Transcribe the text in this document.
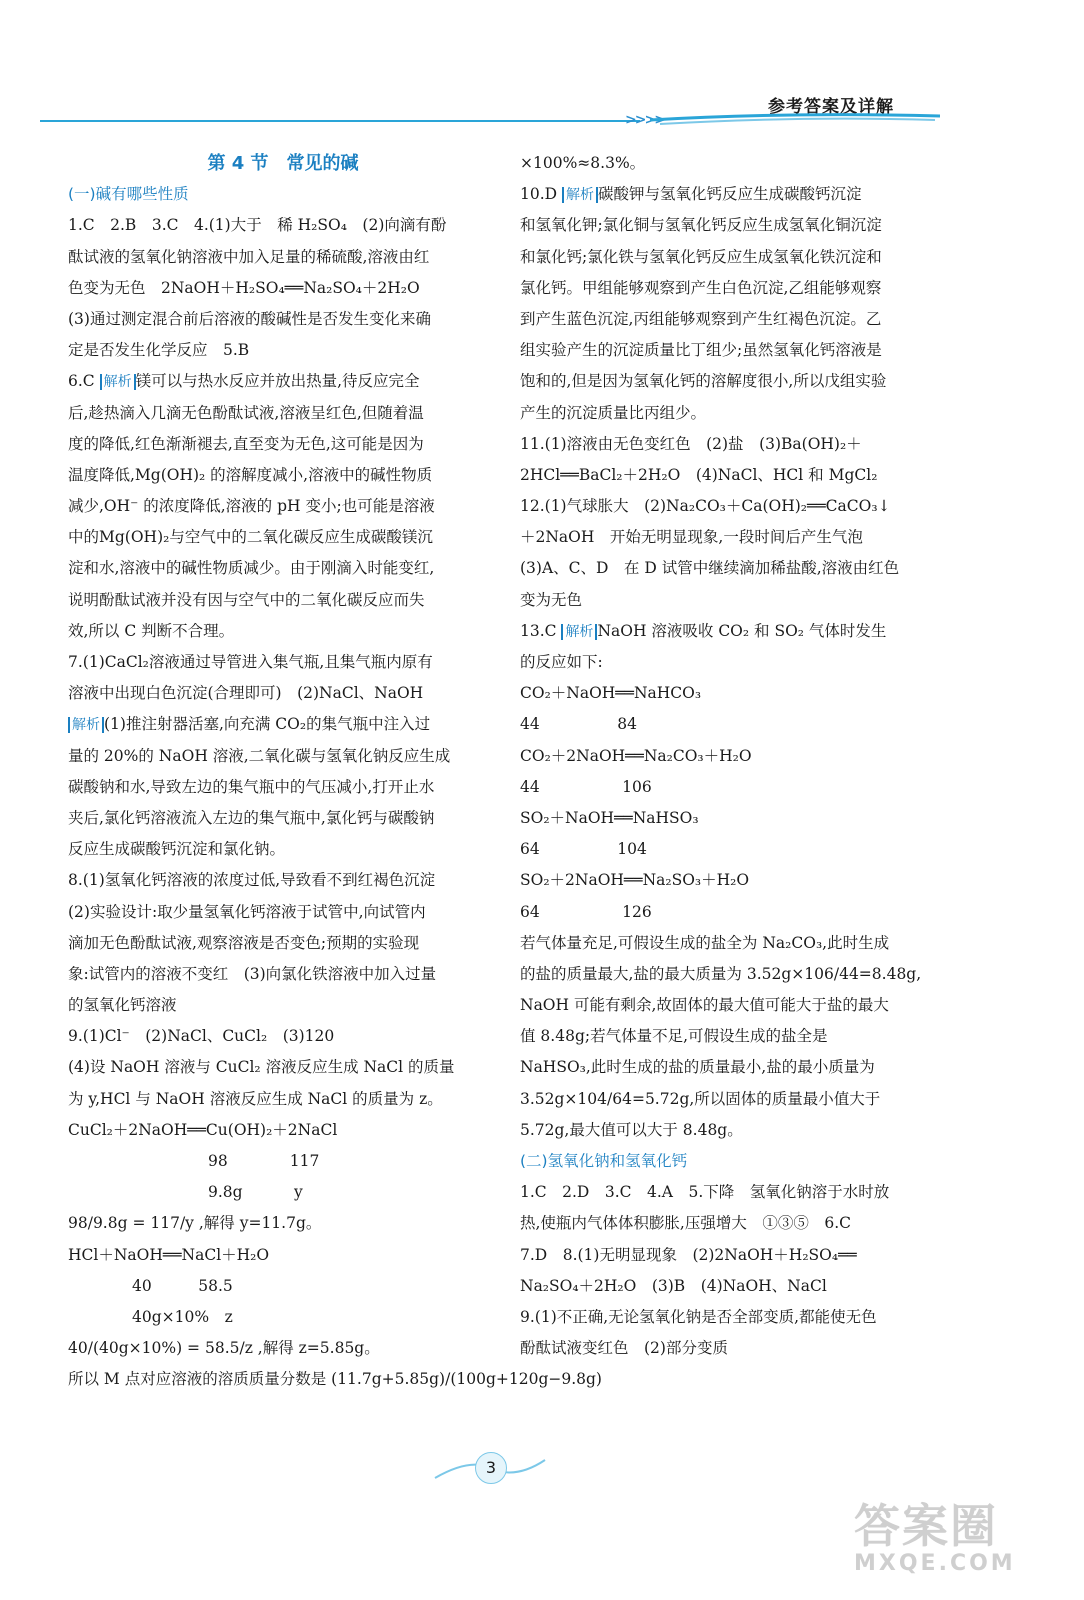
参考答案及详解
>>>>
第 4 节　常见的碱
(一)碱有哪些性质
1.C　2.B　3.C　4.(1)大于　稀 H₂SO₄　(2)向滴有酚
酞试液的氢氧化钠溶液中加入足量的稀硫酸,溶液由红
色变为无色　2NaOH＋H₂SO₄══Na₂SO₄＋2H₂O
(3)通过测定混合前后溶液的酸碱性是否发生变化来确
定是否发生化学反应　5.B
6.C 解析 镁可以与热水反应并放出热量,待反应完全
后,趁热滴入几滴无色酚酞试液,溶液呈红色,但随着温
度的降低,红色渐渐褪去,直至变为无色,这可能是因为
温度降低,Mg(OH)₂ 的溶解度减小,溶液中的碱性物质
减少,OH⁻ 的浓度降低,溶液的 pH 变小;也可能是溶液
中的Mg(OH)₂与空气中的二氧化碳反应生成碳酸镁沉
淀和水,溶液中的碱性物质减少。由于刚滴入时能变红,
说明酚酞试液并没有因与空气中的二氧化碳反应而失
效,所以 C 判断不合理。
7.(1)CaCl₂溶液通过导管进入集气瓶,且集气瓶内原有
溶液中出现白色沉淀(合理即可)　(2)NaCl、NaOH
解析 (1)推注射器活塞,向充满 CO₂的集气瓶中注入过
量的 20%的 NaOH 溶液,二氧化碳与氢氧化钠反应生成
碳酸钠和水,导致左边的集气瓶中的气压减小,打开止水
夹后,氯化钙溶液流入左边的集气瓶中,氯化钙与碳酸钠
反应生成碳酸钙沉淀和氯化钠。
8.(1)氢氧化钙溶液的浓度过低,导致看不到红褐色沉淀
(2)实验设计:取少量氢氧化钙溶液于试管中,向试管内
滴加无色酚酞试液,观察溶液是否变色;预期的实验现
象:试管内的溶液不变红　(3)向氯化铁溶液中加入过量
的氢氧化钙溶液
9.(1)Cl⁻　(2)NaCl、CuCl₂　(3)120
(4)设 NaOH 溶液与 CuCl₂ 溶液反应生成 NaCl 的质量
为 y,HCl 与 NaOH 溶液反应生成 NaCl 的质量为 z。
CuCl₂＋2NaOH══Cu(OH)₂＋2NaCl
98　　　　117
9.8g　　　 y
98/9.8g = 117/y ,解得 y=11.7g。
HCl＋NaOH══NaCl＋H₂O
40　　　58.5
40g×10%　z
40/(40g×10%) = 58.5/z ,解得 z=5.85g。
所以 M 点对应溶液的溶质质量分数是 (11.7g+5.85g)/(100g+120g−9.8g)
×100%≈8.3%。
10.D 解析 碳酸钾与氢氧化钙反应生成碳酸钙沉淀
和氢氧化钾;氯化铜与氢氧化钙反应生成氢氧化铜沉淀
和氯化钙;氯化铁与氢氧化钙反应生成氢氧化铁沉淀和
氯化钙。甲组能够观察到产生白色沉淀,乙组能够观察
到产生蓝色沉淀,丙组能够观察到产生红褐色沉淀。乙
组实验产生的沉淀质量比丁组少;虽然氢氧化钙溶液是
饱和的,但是因为氢氧化钙的溶解度很小,所以戊组实验
产生的沉淀质量比丙组少。
11.(1)溶液由无色变红色　(2)盐　(3)Ba(OH)₂＋
2HCl══BaCl₂＋2H₂O　(4)NaCl、HCl 和 MgCl₂
12.(1)气球胀大　(2)Na₂CO₃＋Ca(OH)₂══CaCO₃↓
＋2NaOH　开始无明显现象,一段时间后产生气泡
(3)A、C、D　在 D 试管中继续滴加稀盐酸,溶液由红色
变为无色
13.C 解析 NaOH 溶液吸收 CO₂ 和 SO₂ 气体时发生
的反应如下:
CO₂＋NaOH══NaHCO₃
44　　　　　84
CO₂＋2NaOH══Na₂CO₃＋H₂O
44　　　　　 106
SO₂＋NaOH══NaHSO₃
64　　　　　104
SO₂＋2NaOH══Na₂SO₃＋H₂O
64　　　　　 126
若气体量充足,可假设生成的盐全为 Na₂CO₃,此时生成
的盐的质量最大,盐的最大质量为 3.52g×106/44=8.48g,
NaOH 可能有剩余,故固体的最大值可能大于盐的最大
值 8.48g;若气体量不足,可假设生成的盐全是
NaHSO₃,此时生成的盐的质量最小,盐的最小质量为
3.52g×104/64=5.72g,所以固体的质量最小值大于
5.72g,最大值可以大于 8.48g。
(二)氢氧化钠和氢氧化钙
1.C　2.D　3.C　4.A　5.下降　氢氧化钠溶于水时放
热,使瓶内气体体积膨胀,压强增大　①③⑤　6.C
7.D　8.(1)无明显现象　(2)2NaOH＋H₂SO₄══
Na₂SO₄＋2H₂O　(3)B　(4)NaOH、NaCl
9.(1)不正确,无论氢氧化钠是否全部变质,都能使无色
酚酞试液变红色　(2)部分变质
3
答案圈
MXQE.COM
